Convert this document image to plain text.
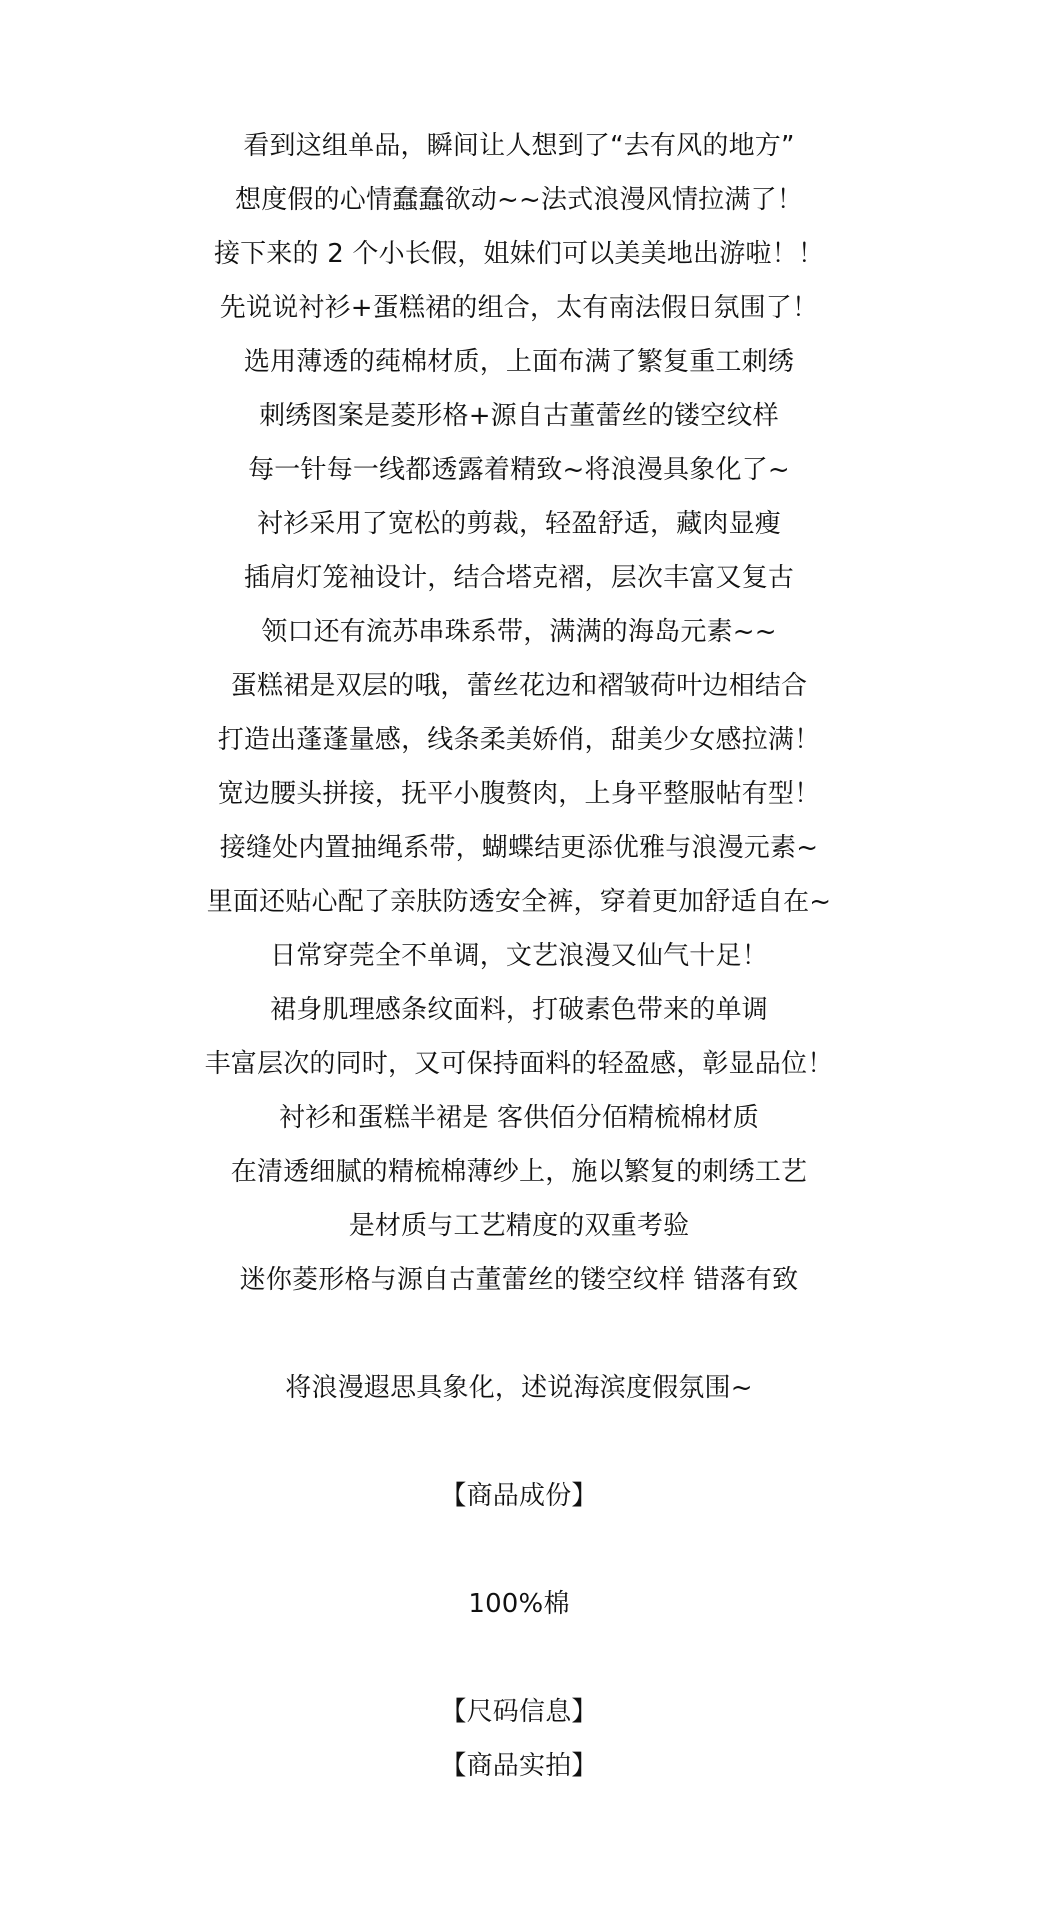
看到这组单品，瞬间让人想到了“去有风的地方”
想度假的心情蠢蠢欲动~~法式浪漫风情拉满了！
接下来的 2 个小长假，姐妹们可以美美地出游啦！！
先说说衬衫+蛋糕裙的组合，太有南法假日氛围了！
选用薄透的莼棉材质，上面布满了繁复重工刺绣
刺绣图案是菱形格+源自古董蕾丝的镂空纹样
每一针每一线都透露着精致~将浪漫具象化了~
衬衫采用了宽松的剪裁，轻盈舒适，藏肉显瘦
插肩灯笼袖设计，结合塔克褶，层次丰富又复古
领口还有流苏串珠系带，满满的海岛元素~~
蛋糕裙是双层的哦，蕾丝花边和褶皱荷叶边相结合
打造出蓬蓬量感，线条柔美娇俏，甜美少女感拉满！
宽边腰头拼接，抚平小腹赘肉，上身平整服帖有型！
接缝处内置抽绳系带，蝴蝶结更添优雅与浪漫元素~
里面还贴心配了亲肤防透安全裤，穿着更加舒适自在~
日常穿莞全不单调，文艺浪漫又仙气十足！
裙身肌理感条纹面料，打破素色带来的单调
丰富层次的同时，又可保持面料的轻盈感，彰显品位！
衬衫和蛋糕半裙是 客供佰分佰精梳棉材质
在清透细腻的精梳棉薄纱上，施以繁复的刺绣工艺
是材质与工艺精度的双重考验
迷你菱形格与源自古董蕾丝的镂空纹样 错落有致
将浪漫遐思具象化，述说海滨度假氛围~
【商品成份】
100%棉
【尺码信息】
【商品实拍】
